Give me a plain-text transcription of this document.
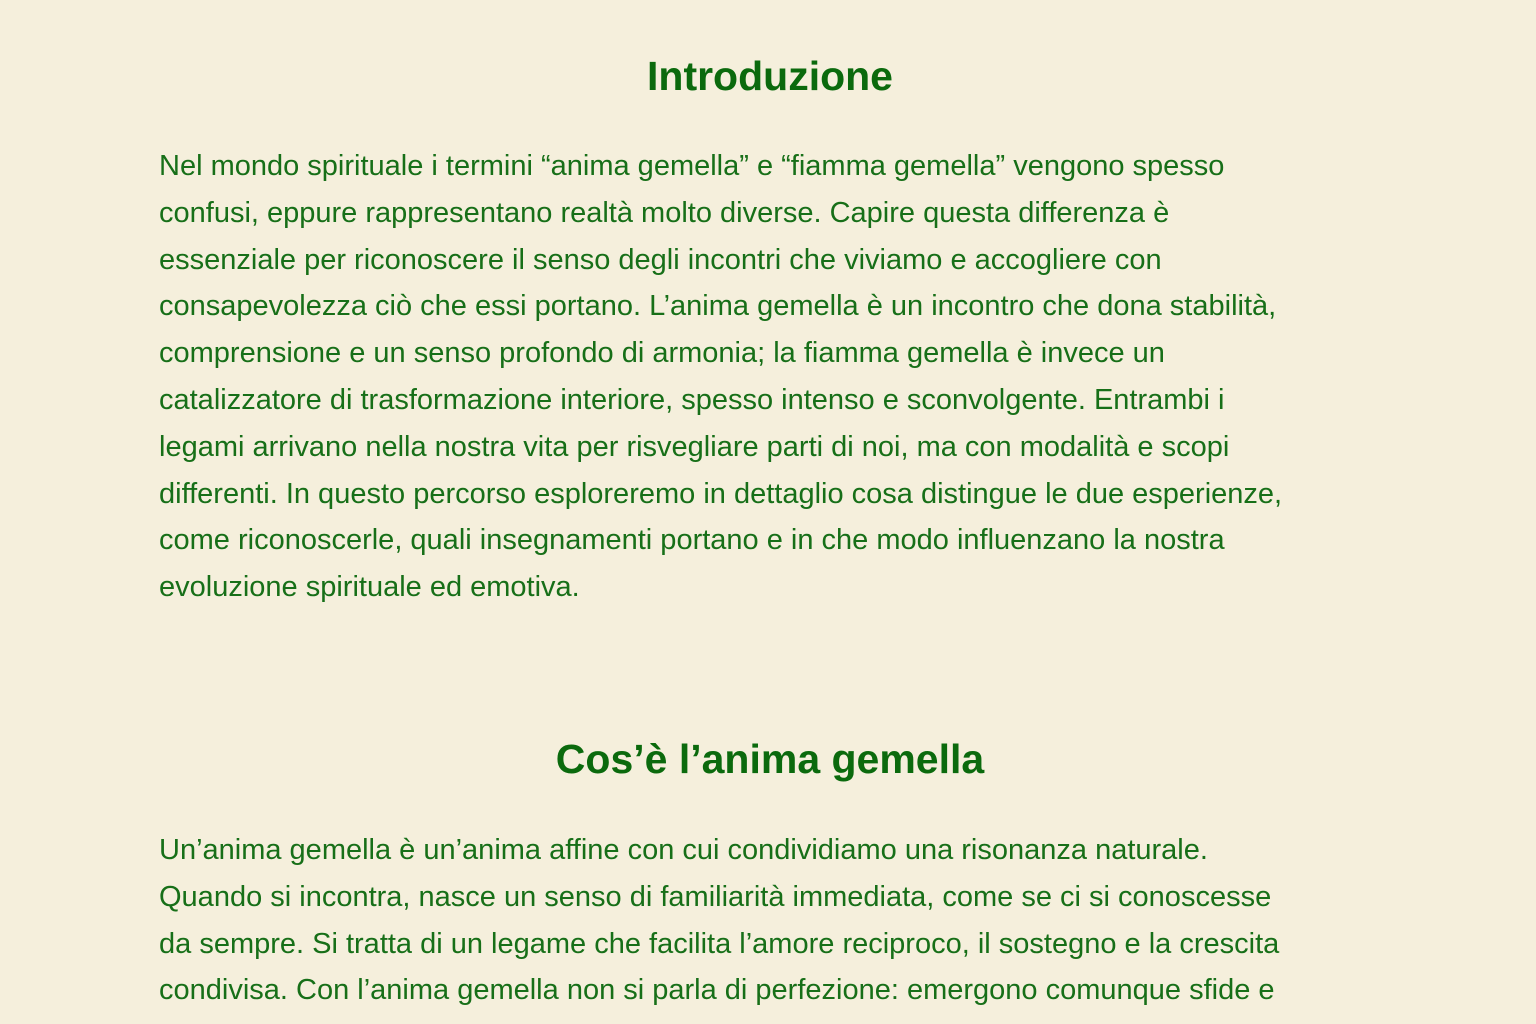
Introduzione

Nel mondo spirituale i termini “anima gemella” e “fiamma gemella” vengono spesso
confusi, eppure rappresentano realtà molto diverse. Capire questa differenza è
essenziale per riconoscere il senso degli incontri che viviamo e accogliere con
consapevolezza ciò che essi portano. L’anima gemella è un incontro che dona stabilità,
comprensione e un senso profondo di armonia; la fiamma gemella è invece un
catalizzatore di trasformazione interiore, spesso intenso e sconvolgente. Entrambi i
legami arrivano nella nostra vita per risvegliare parti di noi, ma con modalità e scopi
differenti. In questo percorso esploreremo in dettaglio cosa distingue le due esperienze,
come riconoscerle, quali insegnamenti portano e in che modo influenzano la nostra
evoluzione spirituale ed emotiva.

Cos’è l’anima gemella

Un’anima gemella è un’anima affine con cui condividiamo una risonanza naturale.
Quando si incontra, nasce un senso di familiarità immediata, come se ci si conoscesse
da sempre. Si tratta di un legame che facilita l’amore reciproco, il sostegno e la crescita
condivisa. Con l’anima gemella non si parla di perfezione: emergono comunque sfide e
